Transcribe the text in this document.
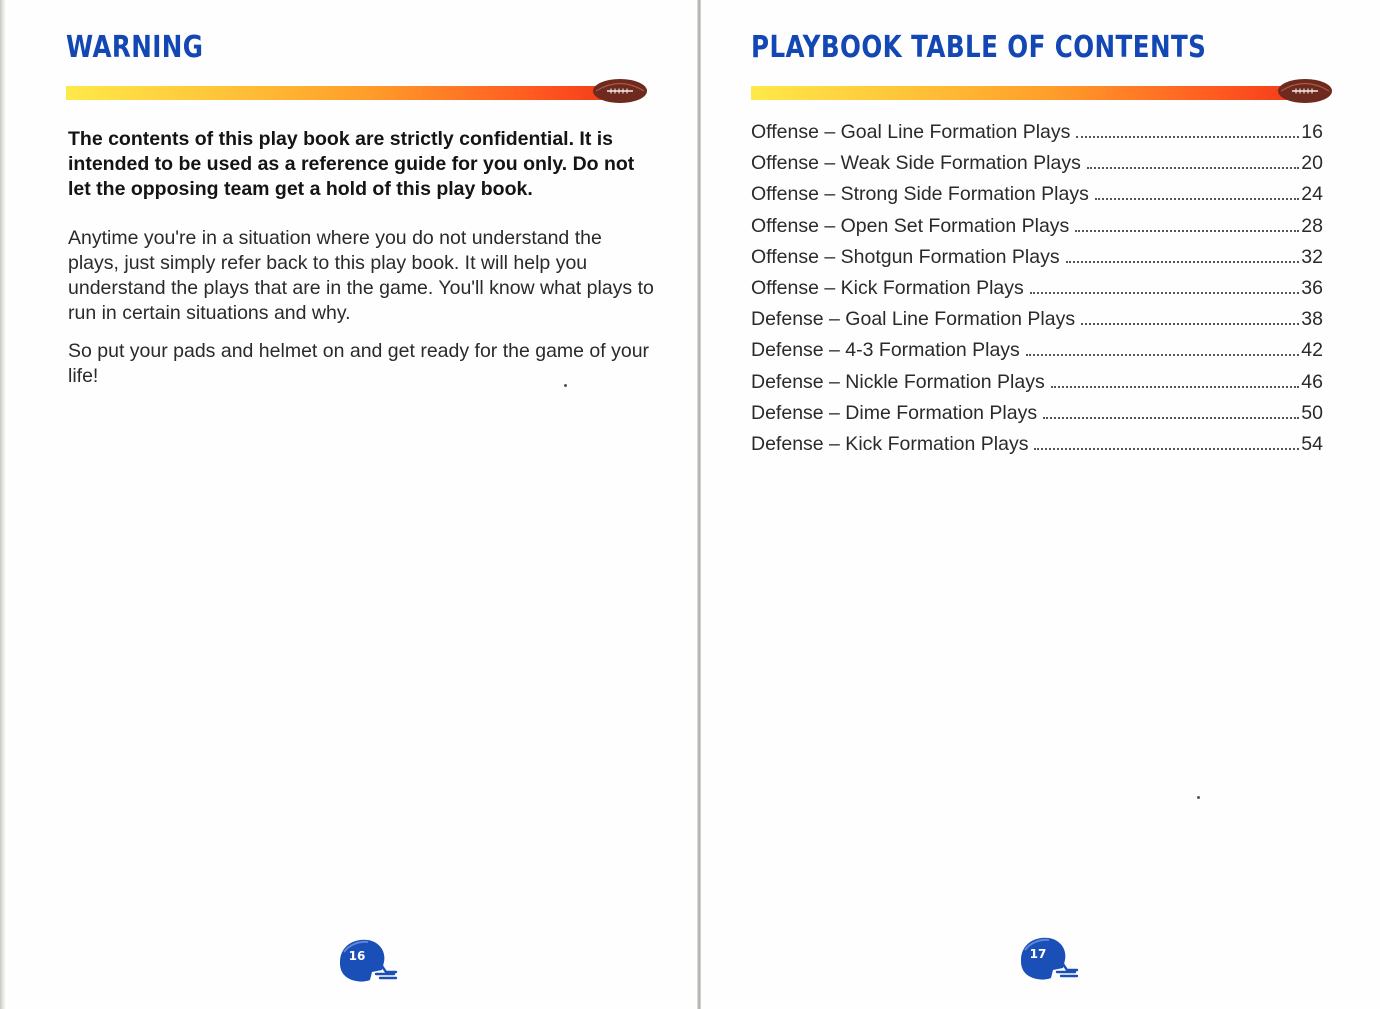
WARNING

The contents of this play book are strictly confidential. It is intended to be used as a reference guide for you only. Do not let the opposing team get a hold of this play book.

Anytime you're in a situation where you do not understand the plays, just simply refer back to this play book. It will help you understand the plays that are in the game. You'll know what plays to run in certain situations and why.

So put your pads and helmet on and get ready for the game of your life!

16	17
PLAYBOOK TABLE OF CONTENTS
Offense – Goal Line Formation Plays	16
Offense – Weak Side Formation Plays	20
Offense – Strong Side Formation Plays	24
Offense – Open Set Formation Plays	28
Offense – Shotgun Formation Plays	32
Offense – Kick Formation Plays	36
Defense – Goal Line Formation Plays	38
Defense – 4-3 Formation Plays	42
Defense – Nickle Formation Plays	46
Defense – Dime Formation Plays	50
Defense – Kick Formation Plays	54
